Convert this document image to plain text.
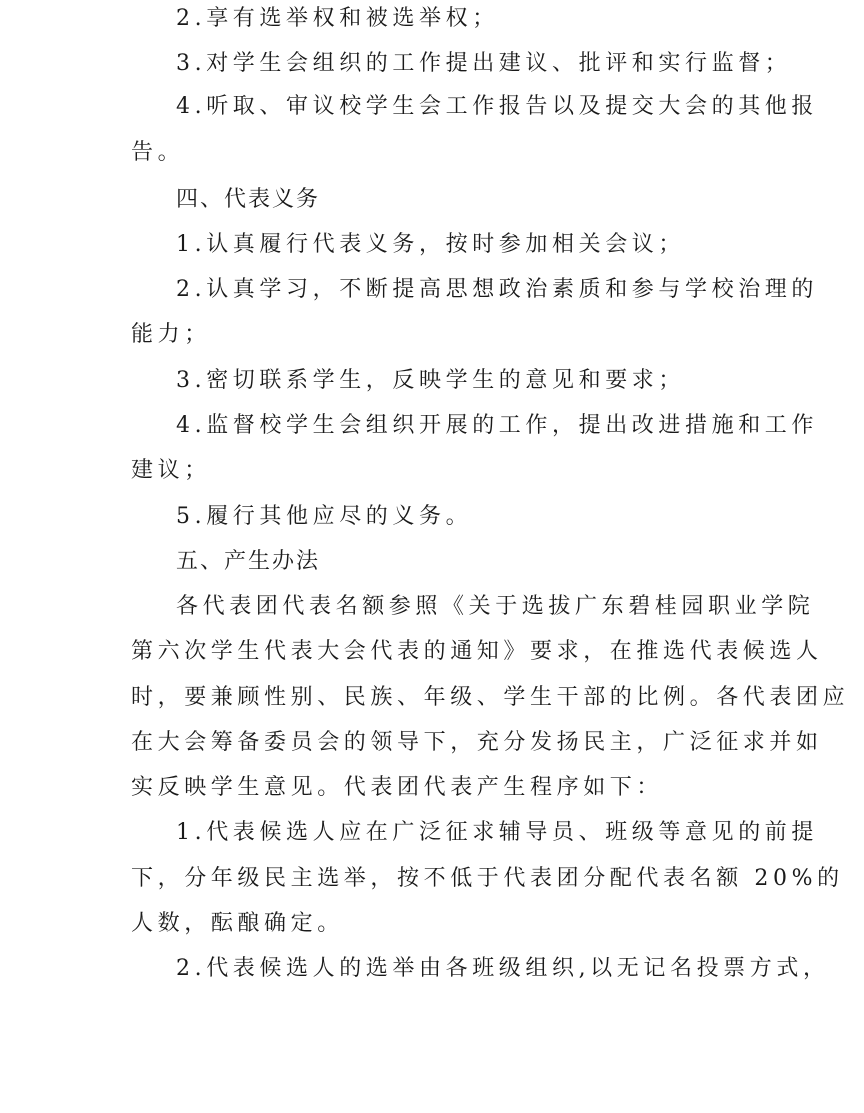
2.享有选举权和被选举权；

3.对学生会组织的工作提出建议、批评和实行监督；

4.听取、审议校学生会工作报告以及提交大会的其他报

告。

四、代表义务

1.认真履行代表义务，按时参加相关会议；

2.认真学习，不断提高思想政治素质和参与学校治理的

能力；

3.密切联系学生，反映学生的意见和要求；

4.监督校学生会组织开展的工作，提出改进措施和工作

建议；

5.履行其他应尽的义务。

五、产生办法

各代表团代表名额参照《关于选拔广东碧桂园职业学院

第六次学生代表大会代表的通知》要求，在推选代表候选人

时，要兼顾性别、民族、年级、学生干部的比例。各代表团应

在大会筹备委员会的领导下，充分发扬民主，广泛征求并如

实反映学生意见。代表团代表产生程序如下：

1.代表候选人应在广泛征求辅导员、班级等意见的前提

下，分年级民主选举，按不低于代表团分配代表名额 20%的

人数，酝酿确定。

2.代表候选人的选举由各班级组织,以无记名投票方式，
